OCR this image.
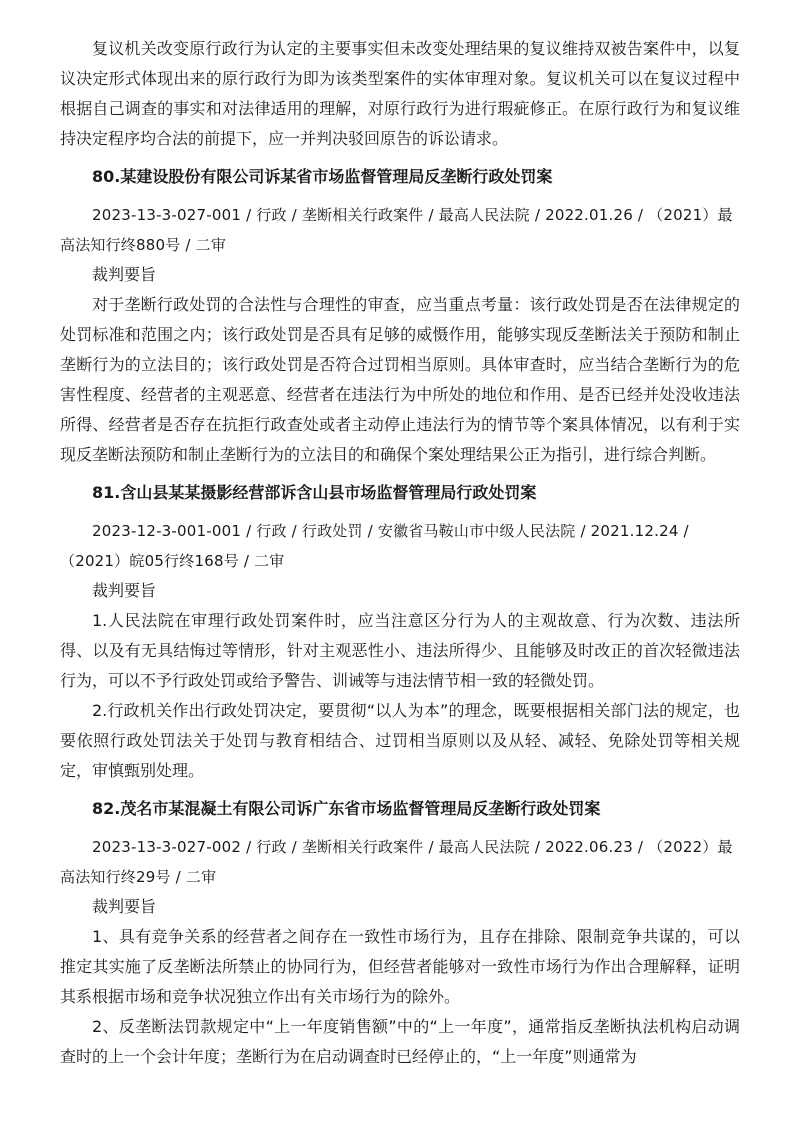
复议机关改变原行政行为认定的主要事实但未改变处理结果的复议维持双被告案件中，以复议决定形式体现出来的原行政行为即为该类型案件的实体审理对象。复议机关可以在复议过程中根据自己调查的事实和对法律适用的理解，对原行政行为进行瑕疵修正。在原行政行为和复议维持决定程序均合法的前提下，应一并判决驳回原告的诉讼请求。

80.某建设股份有限公司诉某省市场监督管理局反垄断行政处罚案

2023-13-3-027-001 / 行政 / 垄断相关行政案件 / 最高人民法院 / 2022.01.26 / （2021）最高法知行终880号 / 二审

裁判要旨

对于垄断行政处罚的合法性与合理性的审查，应当重点考量：该行政处罚是否在法律规定的处罚标准和范围之内；该行政处罚是否具有足够的威慑作用，能够实现反垄断法关于预防和制止垄断行为的立法目的；该行政处罚是否符合过罚相当原则。具体审查时，应当结合垄断行为的危害性程度、经营者的主观恶意、经营者在违法行为中所处的地位和作用、是否已经并处没收违法所得、经营者是否存在抗拒行政查处或者主动停止违法行为的情节等个案具体情况，以有利于实现反垄断法预防和制止垄断行为的立法目的和确保个案处理结果公正为指引，进行综合判断。

81.含山县某某摄影经营部诉含山县市场监督管理局行政处罚案

2023-12-3-001-001 / 行政 / 行政处罚 / 安徽省马鞍山市中级人民法院 / 2021.12.24 / （2021）皖05行终168号 / 二审

裁判要旨

1.人民法院在审理行政处罚案件时，应当注意区分行为人的主观故意、行为次数、违法所得、以及有无具结悔过等情形，针对主观恶性小、违法所得少、且能够及时改正的首次轻微违法行为，可以不予行政处罚或给予警告、训诫等与违法情节相一致的轻微处罚。

2.行政机关作出行政处罚决定，要贯彻“以人为本”的理念，既要根据相关部门法的规定，也要依照行政处罚法关于处罚与教育相结合、过罚相当原则以及从轻、减轻、免除处罚等相关规定，审慎甄别处理。

82.茂名市某混凝土有限公司诉广东省市场监督管理局反垄断行政处罚案

2023-13-3-027-002 / 行政 / 垄断相关行政案件 / 最高人民法院 / 2022.06.23 / （2022）最高法知行终29号 / 二审

裁判要旨

1、具有竞争关系的经营者之间存在一致性市场行为，且存在排除、限制竞争共谋的，可以推定其实施了反垄断法所禁止的协同行为，但经营者能够对一致性市场行为作出合理解释，证明其系根据市场和竞争状况独立作出有关市场行为的除外。

2、反垄断法罚款规定中“上一年度销售额”中的“上一年度”，通常指反垄断执法机构启动调查时的上一个会计年度；垄断行为在启动调查时已经停止的，“上一年度”则通常为
